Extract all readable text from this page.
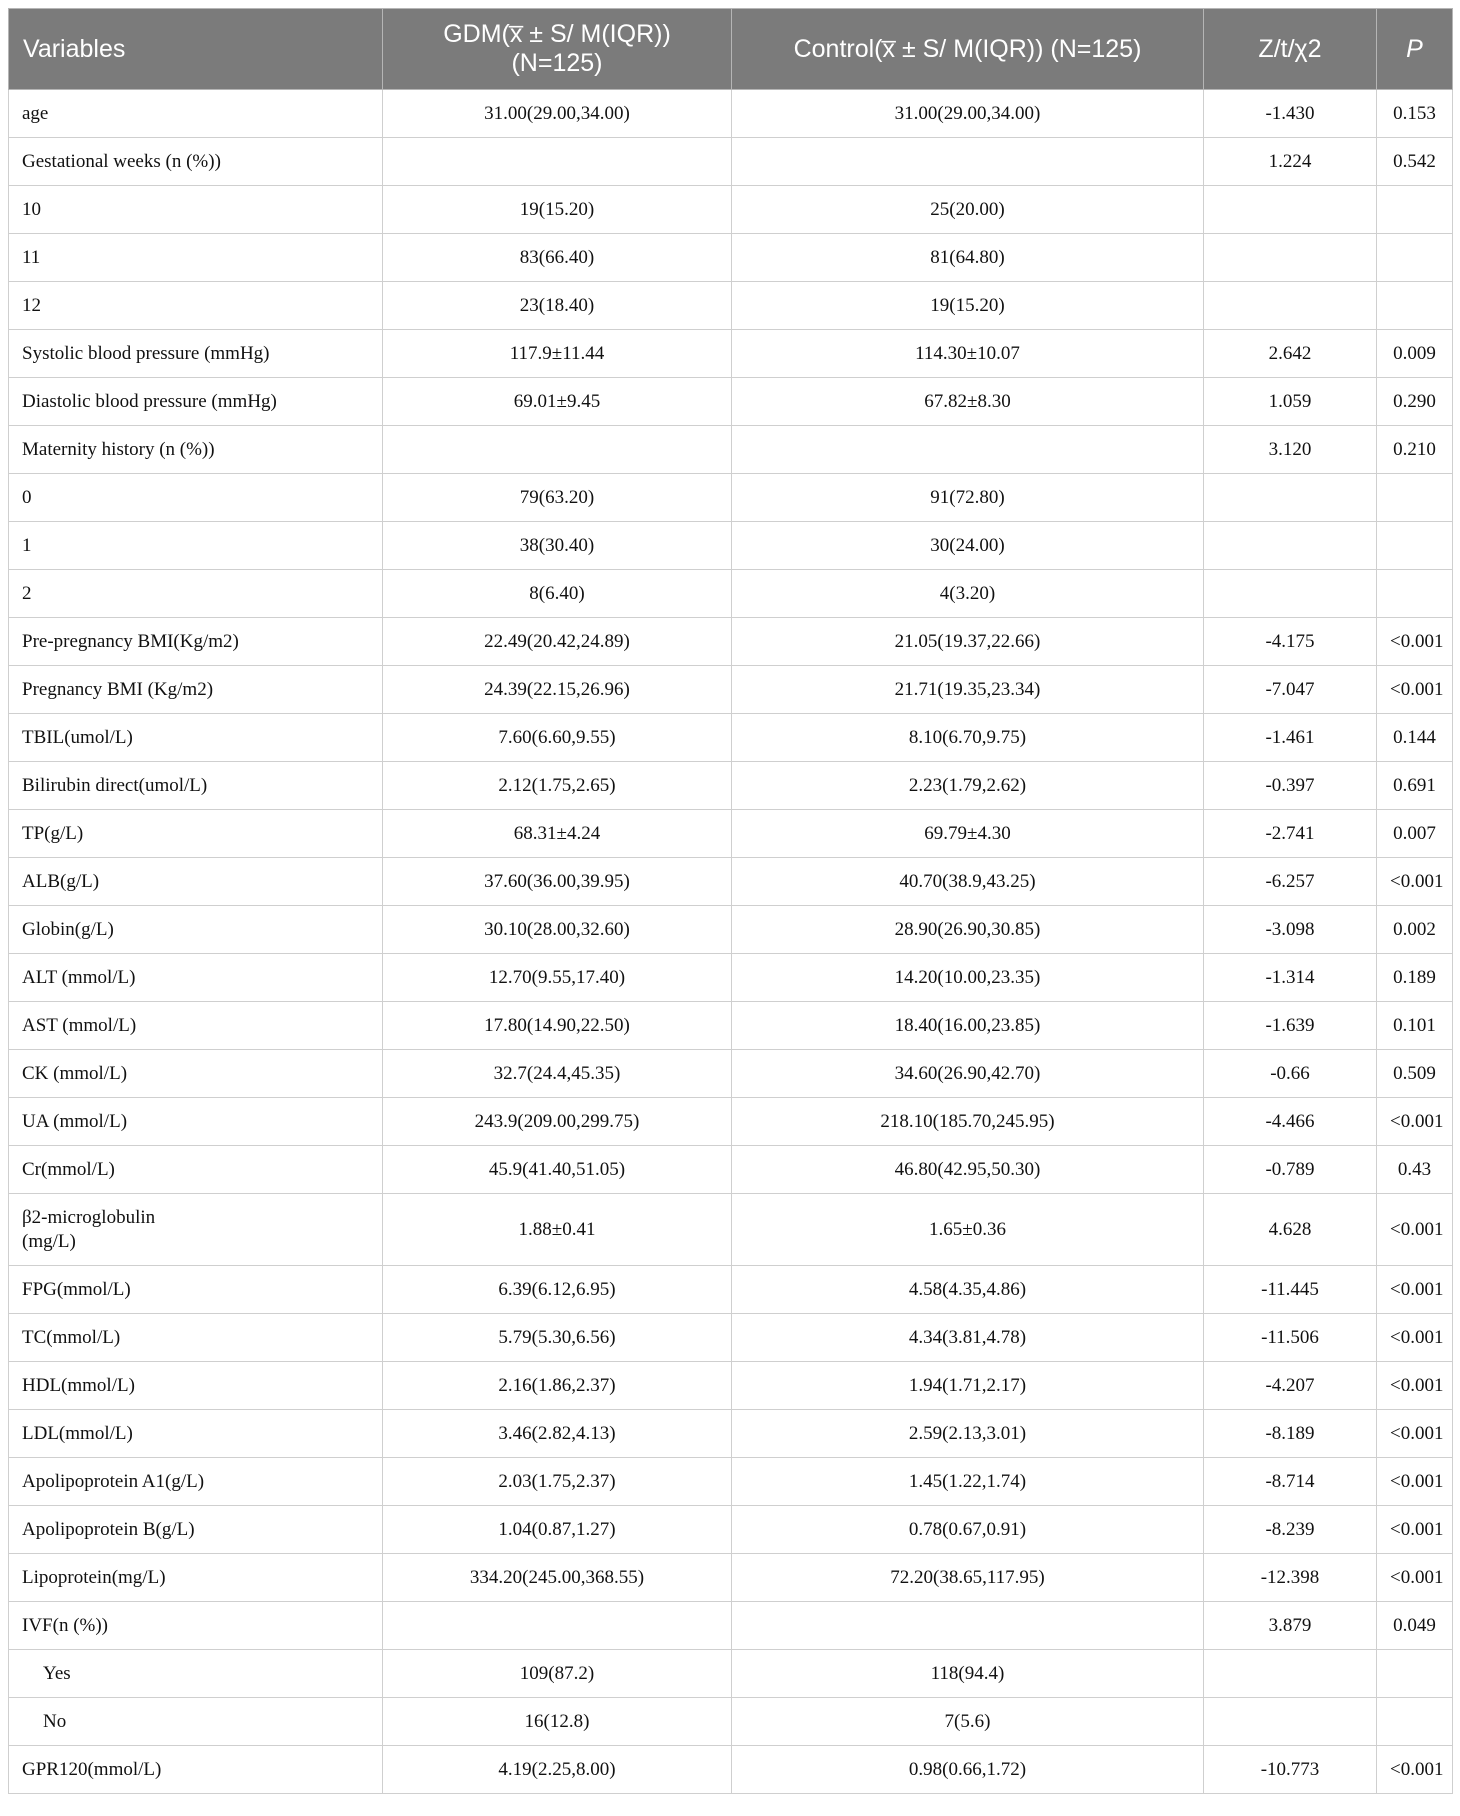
Variables	GDM(x̅ ± S/ M(IQR))
(N=125)	Control(x̅ ± S/ M(IQR)) (N=125)	Z/t/χ2	P
age	31.00(29.00,34.00)	31.00(29.00,34.00)	-1.430	0.153
Gestational weeks (n (%))			1.224	0.542
10	19(15.20)	25(20.00)		
11	83(66.40)	81(64.80)		
12	23(18.40)	19(15.20)		
Systolic blood pressure (mmHg)	117.9±11.44	114.30±10.07	2.642	0.009
Diastolic blood pressure (mmHg)	69.01±9.45	67.82±8.30	1.059	0.290
Maternity history (n (%))			3.120	0.210
0	79(63.20)	91(72.80)		
1	38(30.40)	30(24.00)		
2	8(6.40)	4(3.20)		
Pre-pregnancy BMI(Kg/m2)	22.49(20.42,24.89)	21.05(19.37,22.66)	-4.175	<0.001
Pregnancy BMI (Kg/m2)	24.39(22.15,26.96)	21.71(19.35,23.34)	-7.047	<0.001
TBIL(umol/L)	7.60(6.60,9.55)	8.10(6.70,9.75)	-1.461	0.144
Bilirubin direct(umol/L)	2.12(1.75,2.65)	2.23(1.79,2.62)	-0.397	0.691
TP(g/L)	68.31±4.24	69.79±4.30	-2.741	0.007
ALB(g/L)	37.60(36.00,39.95)	40.70(38.9,43.25)	-6.257	<0.001
Globin(g/L)	30.10(28.00,32.60)	28.90(26.90,30.85)	-3.098	0.002
ALT (mmol/L)	12.70(9.55,17.40)	14.20(10.00,23.35)	-1.314	0.189
AST (mmol/L)	17.80(14.90,22.50)	18.40(16.00,23.85)	-1.639	0.101
CK (mmol/L)	32.7(24.4,45.35)	34.60(26.90,42.70)	-0.66	0.509
UA (mmol/L)	243.9(209.00,299.75)	218.10(185.70,245.95)	-4.466	<0.001
Cr(mmol/L)	45.9(41.40,51.05)	46.80(42.95,50.30)	-0.789	0.43
β2-microglobulin
(mg/L)	1.88±0.41	1.65±0.36	4.628	<0.001
FPG(mmol/L)	6.39(6.12,6.95)	4.58(4.35,4.86)	-11.445	<0.001
TC(mmol/L)	5.79(5.30,6.56)	4.34(3.81,4.78)	-11.506	<0.001
HDL(mmol/L)	2.16(1.86,2.37)	1.94(1.71,2.17)	-4.207	<0.001
LDL(mmol/L)	3.46(2.82,4.13)	2.59(2.13,3.01)	-8.189	<0.001
Apolipoprotein A1(g/L)	2.03(1.75,2.37)	1.45(1.22,1.74)	-8.714	<0.001
Apolipoprotein B(g/L)	1.04(0.87,1.27)	0.78(0.67,0.91)	-8.239	<0.001
Lipoprotein(mg/L)	334.20(245.00,368.55)	72.20(38.65,117.95)	-12.398	<0.001
IVF(n (%))			3.879	0.049
Yes	109(87.2)	118(94.4)		
No	16(12.8)	7(5.6)		
GPR120(mmol/L)	4.19(2.25,8.00)	0.98(0.66,1.72)	-10.773	<0.001
